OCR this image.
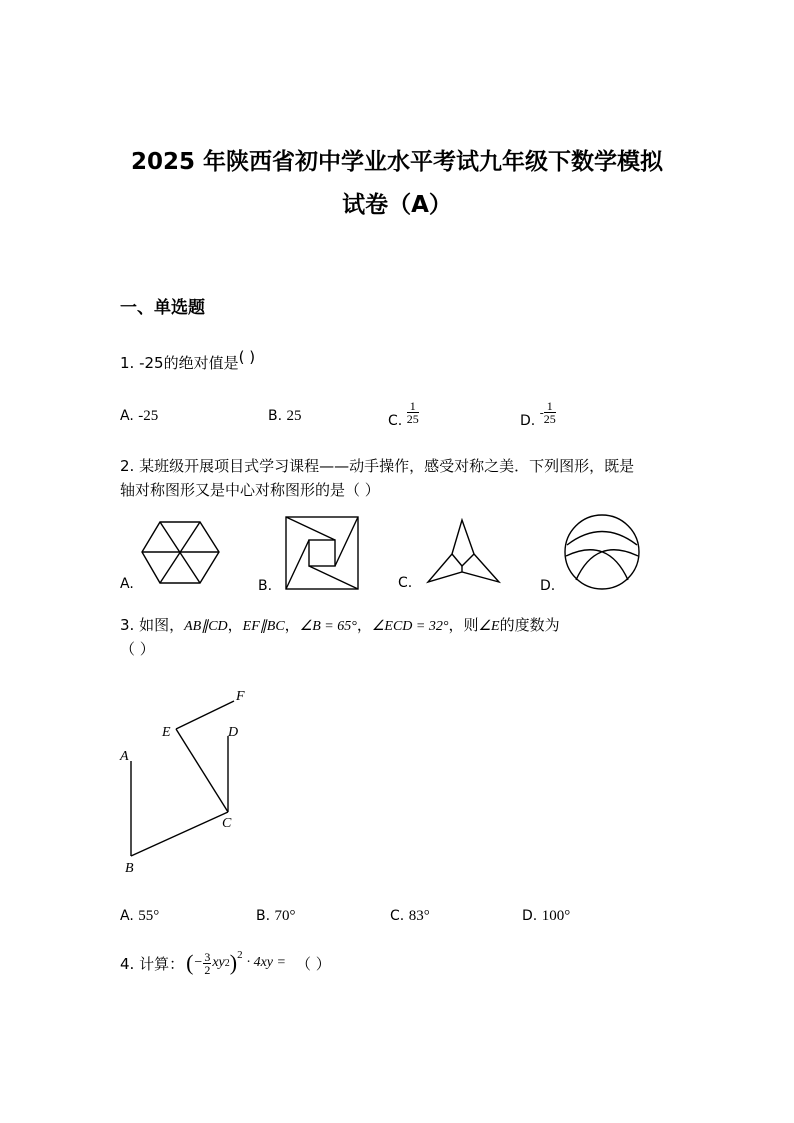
2025 年陕西省初中学业水平考试九年级下数学模拟
试卷（A）
一、单选题
1. -25的绝对值是( )
A. -25	B. 25	C. $\frac{1}{25}$	D. - $\frac{1}{25}$
2. 某班级开展项目式学习课程——动手操作，感受对称之美．下列图形，既是
轴对称图形又是中心对称图形的是（ ）
A.	B.	C.	D.
3. 如图，AB∥CD，EF∥BC，∠B = 65°，∠ECD = 32°，则∠E的度数为
（ ）
F
E	D
A
C
B
A. 55°	B. 70°	C. 83°	D. 100°
4. 计算： ( − $\frac{3}{2}$ xy 2 )$^2$ · 4xy = （ ）
